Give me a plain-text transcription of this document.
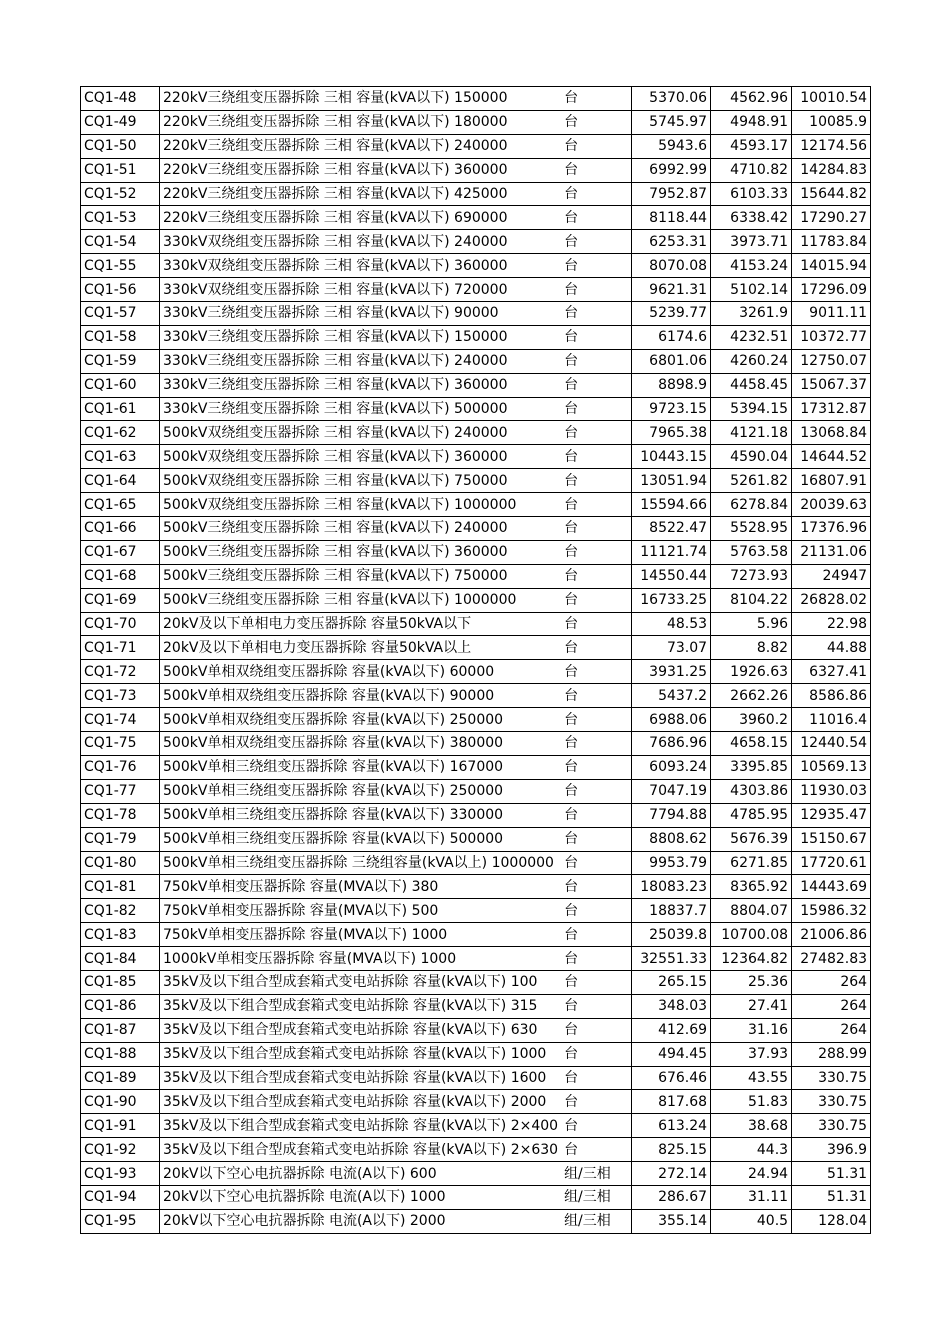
CQ1-48	220kV三绕组变压器拆除 三相 容量(kVA以下) 150000	台	5370.06	4562.96	10010.54
CQ1-49	220kV三绕组变压器拆除 三相 容量(kVA以下) 180000	台	5745.97	4948.91	10085.9
CQ1-50	220kV三绕组变压器拆除 三相 容量(kVA以下) 240000	台	5943.6	4593.17	12174.56
CQ1-51	220kV三绕组变压器拆除 三相 容量(kVA以下) 360000	台	6992.99	4710.82	14284.83
CQ1-52	220kV三绕组变压器拆除 三相 容量(kVA以下) 425000	台	7952.87	6103.33	15644.82
CQ1-53	220kV三绕组变压器拆除 三相 容量(kVA以下) 690000	台	8118.44	6338.42	17290.27
CQ1-54	330kV双绕组变压器拆除 三相 容量(kVA以下) 240000	台	6253.31	3973.71	11783.84
CQ1-55	330kV双绕组变压器拆除 三相 容量(kVA以下) 360000	台	8070.08	4153.24	14015.94
CQ1-56	330kV双绕组变压器拆除 三相 容量(kVA以下) 720000	台	9621.31	5102.14	17296.09
CQ1-57	330kV三绕组变压器拆除 三相 容量(kVA以下) 90000	台	5239.77	3261.9	9011.11
CQ1-58	330kV三绕组变压器拆除 三相 容量(kVA以下) 150000	台	6174.6	4232.51	10372.77
CQ1-59	330kV三绕组变压器拆除 三相 容量(kVA以下) 240000	台	6801.06	4260.24	12750.07
CQ1-60	330kV三绕组变压器拆除 三相 容量(kVA以下) 360000	台	8898.9	4458.45	15067.37
CQ1-61	330kV三绕组变压器拆除 三相 容量(kVA以下) 500000	台	9723.15	5394.15	17312.87
CQ1-62	500kV双绕组变压器拆除 三相 容量(kVA以下) 240000	台	7965.38	4121.18	13068.84
CQ1-63	500kV双绕组变压器拆除 三相 容量(kVA以下) 360000	台	10443.15	4590.04	14644.52
CQ1-64	500kV双绕组变压器拆除 三相 容量(kVA以下) 750000	台	13051.94	5261.82	16807.91
CQ1-65	500kV双绕组变压器拆除 三相 容量(kVA以下) 1000000	台	15594.66	6278.84	20039.63
CQ1-66	500kV三绕组变压器拆除 三相 容量(kVA以下) 240000	台	8522.47	5528.95	17376.96
CQ1-67	500kV三绕组变压器拆除 三相 容量(kVA以下) 360000	台	11121.74	5763.58	21131.06
CQ1-68	500kV三绕组变压器拆除 三相 容量(kVA以下) 750000	台	14550.44	7273.93	24947
CQ1-69	500kV三绕组变压器拆除 三相 容量(kVA以下) 1000000	台	16733.25	8104.22	26828.02
CQ1-70	20kV及以下单相电力变压器拆除 容量50kVA以下	台	48.53	5.96	22.98
CQ1-71	20kV及以下单相电力变压器拆除 容量50kVA以上	台	73.07	8.82	44.88
CQ1-72	500kV单相双绕组变压器拆除 容量(kVA以下) 60000	台	3931.25	1926.63	6327.41
CQ1-73	500kV单相双绕组变压器拆除 容量(kVA以下) 90000	台	5437.2	2662.26	8586.86
CQ1-74	500kV单相双绕组变压器拆除 容量(kVA以下) 250000	台	6988.06	3960.2	11016.4
CQ1-75	500kV单相双绕组变压器拆除 容量(kVA以下) 380000	台	7686.96	4658.15	12440.54
CQ1-76	500kV单相三绕组变压器拆除 容量(kVA以下) 167000	台	6093.24	3395.85	10569.13
CQ1-77	500kV单相三绕组变压器拆除 容量(kVA以下) 250000	台	7047.19	4303.86	11930.03
CQ1-78	500kV单相三绕组变压器拆除 容量(kVA以下) 330000	台	7794.88	4785.95	12935.47
CQ1-79	500kV单相三绕组变压器拆除 容量(kVA以下) 500000	台	8808.62	5676.39	15150.67
CQ1-80	500kV单相三绕组变压器拆除 三绕组容量(kVA以上) 1000000	台	9953.79	6271.85	17720.61
CQ1-81	750kV单相变压器拆除 容量(MVA以下) 380	台	18083.23	8365.92	14443.69
CQ1-82	750kV单相变压器拆除 容量(MVA以下) 500	台	18837.7	8804.07	15986.32
CQ1-83	750kV单相变压器拆除 容量(MVA以下) 1000	台	25039.8	10700.08	21006.86
CQ1-84	1000kV单相变压器拆除 容量(MVA以下) 1000	台	32551.33	12364.82	27482.83
CQ1-85	35kV及以下组合型成套箱式变电站拆除 容量(kVA以下) 100	台	265.15	25.36	264
CQ1-86	35kV及以下组合型成套箱式变电站拆除 容量(kVA以下) 315	台	348.03	27.41	264
CQ1-87	35kV及以下组合型成套箱式变电站拆除 容量(kVA以下) 630	台	412.69	31.16	264
CQ1-88	35kV及以下组合型成套箱式变电站拆除 容量(kVA以下) 1000	台	494.45	37.93	288.99
CQ1-89	35kV及以下组合型成套箱式变电站拆除 容量(kVA以下) 1600	台	676.46	43.55	330.75
CQ1-90	35kV及以下组合型成套箱式变电站拆除 容量(kVA以下) 2000	台	817.68	51.83	330.75
CQ1-91	35kV及以下组合型成套箱式变电站拆除 容量(kVA以下) 2×400	台	613.24	38.68	330.75
CQ1-92	35kV及以下组合型成套箱式变电站拆除 容量(kVA以下) 2×630	台	825.15	44.3	396.9
CQ1-93	20kV以下空心电抗器拆除 电流(A以下) 600	组/三相	272.14	24.94	51.31
CQ1-94	20kV以下空心电抗器拆除 电流(A以下) 1000	组/三相	286.67	31.11	51.31
CQ1-95	20kV以下空心电抗器拆除 电流(A以下) 2000	组/三相	355.14	40.5	128.04
